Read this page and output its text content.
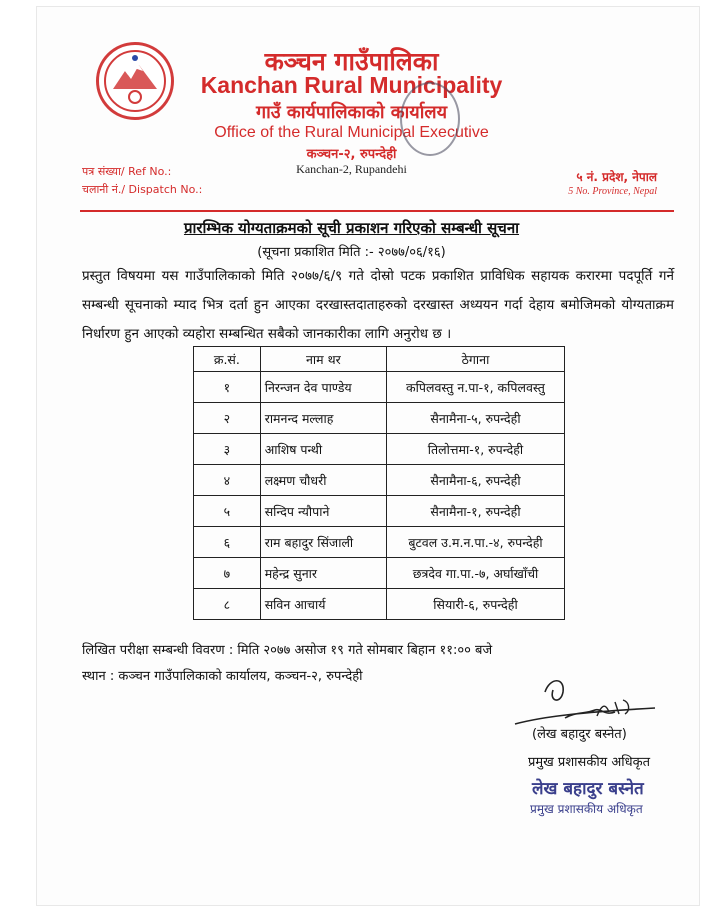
कञ्चन गाउँपालिका
Kanchan Rural Municipality
गाउँ कार्यपालिकाको कार्यालय
Office of the Rural Municipal Executive
कञ्चन-२, रुपन्देही
Kanchan-2, Rupandehi
पत्र संख्या/ Ref No.:
चलानी नं./ Dispatch No.:
५ नं. प्रदेश, नेपाल
5 No. Province, Nepal
प्रारम्भिक योग्यताक्रमको सूची प्रकाशन गरिएको सम्बन्धी सूचना
(सूचना प्रकाशित मिति :- २०७७/०६/१६)
प्रस्तुत विषयमा यस गाउँपालिकाको मिति २०७७/६/९ गते दोस्रो पटक प्रकाशित प्राविधिक सहायक करारमा पदपूर्ति गर्ने सम्बन्धी सूचनाको म्याद भित्र दर्ता हुन आएका दरखास्तदाताहरुको दरखास्त अध्ययन गर्दा देहाय बमोजिमको योग्यताक्रम निर्धारण हुन आएको व्यहोरा सम्बन्धित सबैको जानकारीका लागि अनुरोध छ ।
क्र.सं.	नाम थर	ठेगाना
१	निरन्जन देव पाण्डेय	कपिलवस्तु न.पा-१, कपिलवस्तु
२	रामनन्द मल्लाह	सैनामैना-५, रुपन्देही
३	आशिष पन्थी	तिलोत्तमा-१, रुपन्देही
४	लक्ष्मण चौधरी	सैनामैना-६, रुपन्देही
५	सन्दिप न्यौपाने	सैनामैना-१, रुपन्देही
६	राम बहादुर सिंजाली	बुटवल उ.म.न.पा.-४, रुपन्देही
७	महेन्द्र सुनार	छत्रदेव गा.पा.-७, अर्घाखाँची
८	सविन आचार्य	सियारी-६, रुपन्देही
लिखित परीक्षा सम्बन्धी विवरण : मिति २०७७ असोज १९ गते सोमबार बिहान ११:०० बजे
स्थान : कञ्चन गाउँपालिकाको कार्यालय, कञ्चन-२, रुपन्देही
(लेख बहादुर बस्नेत)
प्रमुख प्रशासकीय अधिकृत
लेख बहादुर बस्नेत
प्रमुख प्रशासकीय अधिकृत
